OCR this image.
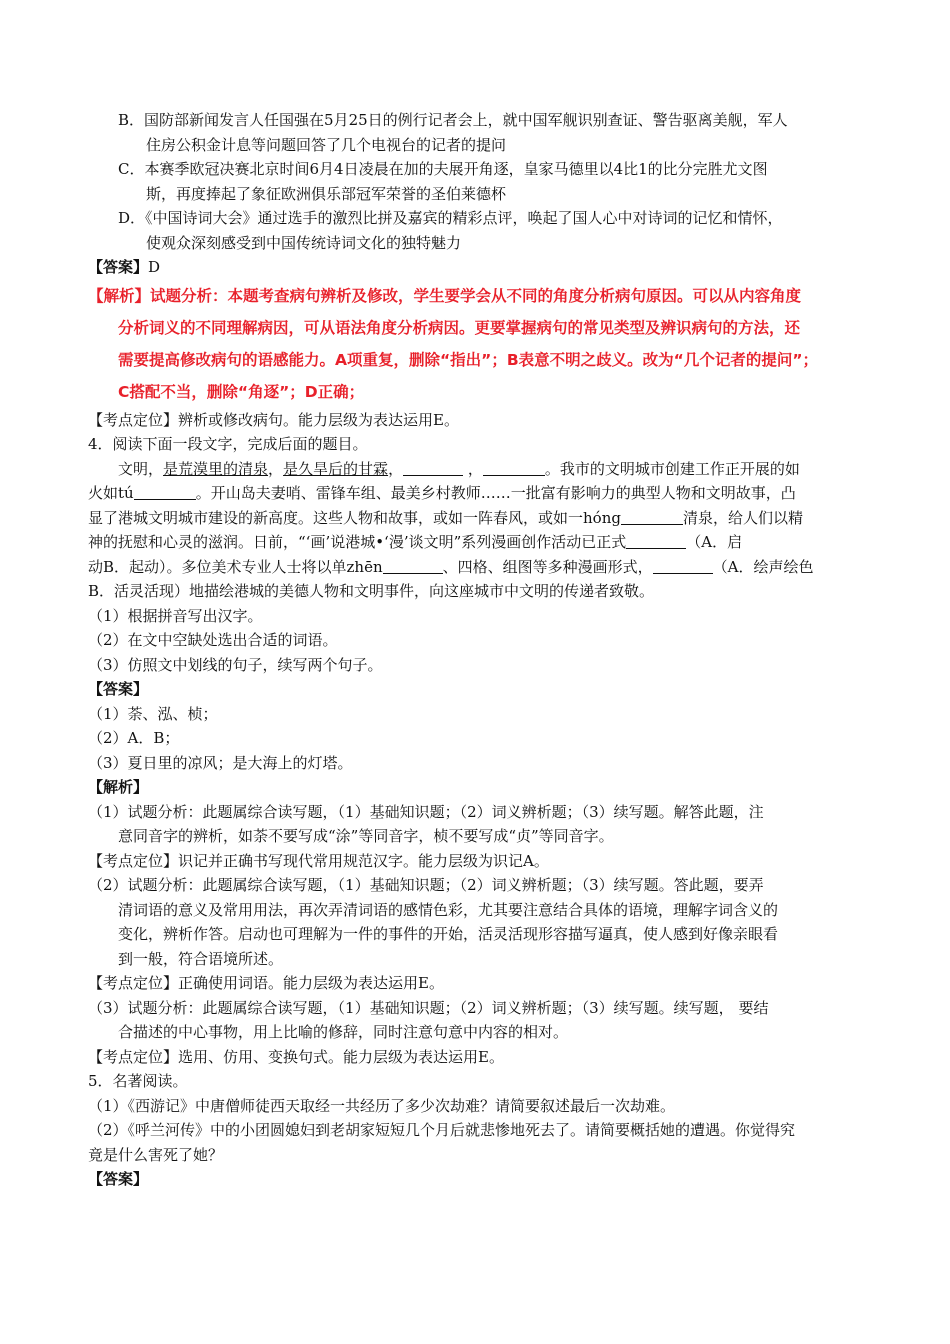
B．国防部新闻发言人任国强在5月25日的例行记者会上，就中国军舰识别查证、警告驱离美舰，军人

住房公积金计息等问题回答了几个电视台的记者的提问

C．本赛季欧冠决赛北京时间6月4日凌晨在加的夫展开角逐，皇家马德里以4比1的比分完胜尤文图

斯，再度捧起了象征欧洲俱乐部冠军荣誉的圣伯莱德杯

D．《中国诗词大会》通过选手的激烈比拼及嘉宾的精彩点评，唤起了国人心中对诗词的记忆和情怀，

使观众深刻感受到中国传统诗词文化的独特魅力

【答案】D

【解析】试题分析：本题考查病句辨析及修改，学生要学会从不同的角度分析病句原因。可以从内容角度

分析词义的不同理解病因，可从语法角度分析病因。更要掌握病句的常见类型及辨识病句的方法，还

需要提高修改病句的语感能力。A项重复，删除“指出”；B表意不明之歧义。改为“几个记者的提问”；

C搭配不当，删除“角逐”；D正确；

【考点定位】辨析或修改病句。能力层级为表达运用E。

4．阅读下面一段文字，完成后面的题目。

文明，是荒漠里的清泉，是久旱后的甘霖，	，	。我市的文明城市创建工作正开展的如

火如tú	。开山岛夫妻哨、雷锋车组、最美乡村教师……一批富有影响力的典型人物和文明故事，凸

显了港城文明城市建设的新高度。这些人物和故事，或如一阵春风，或如一hóng	清泉，给人们以精

神的抚慰和心灵的滋润。日前，“‘画’说港城•‘漫’谈文明”系列漫画创作活动已正式	（A．启

动B．起动）。多位美术专业人士将以单zhēn	、四格、组图等多种漫画形式，	（A．绘声绘色

B．活灵活现）地描绘港城的美德人物和文明事件，向这座城市中文明的传递者致敬。

（1）根据拼音写出汉字。

（2）在文中空缺处选出合适的词语。

（3）仿照文中划线的句子，续写两个句子。

【答案】

（1）荼、泓、桢；

（2）A．B；

（3）夏日里的凉风；是大海上的灯塔。

【解析】

（1）试题分析：此题属综合读写题，（1）基础知识题；（2）词义辨析题；（3）续写题。解答此题，注

意同音字的辨析，如荼不要写成“涂”等同音字，桢不要写成“贞”等同音字。

【考点定位】识记并正确书写现代常用规范汉字。能力层级为识记A。

（2）试题分析：此题属综合读写题，（1）基础知识题；（2）词义辨析题；（3）续写题。答此题，要弄

清词语的意义及常用用法，再次弄清词语的感情色彩，尤其要注意结合具体的语境，理解字词含义的

变化，辨析作答。启动也可理解为一件的事件的开始，活灵活现形容描写逼真，使人感到好像亲眼看

到一般，符合语境所述。

【考点定位】正确使用词语。能力层级为表达运用E。

（3）试题分析：此题属综合读写题，（1）基础知识题；（2）词义辨析题；（3）续写题。续写题， 要结

合描述的中心事物，用上比喻的修辞，同时注意句意中内容的相对。

【考点定位】选用、仿用、变换句式。能力层级为表达运用E。

5．名著阅读。

（1）《西游记》中唐僧师徒西天取经一共经历了多少次劫难？请简要叙述最后一次劫难。

（2）《呼兰河传》中的小团圆媳妇到老胡家短短几个月后就悲惨地死去了。请简要概括她的遭遇。你觉得究

竟是什么害死了她？

【答案】
